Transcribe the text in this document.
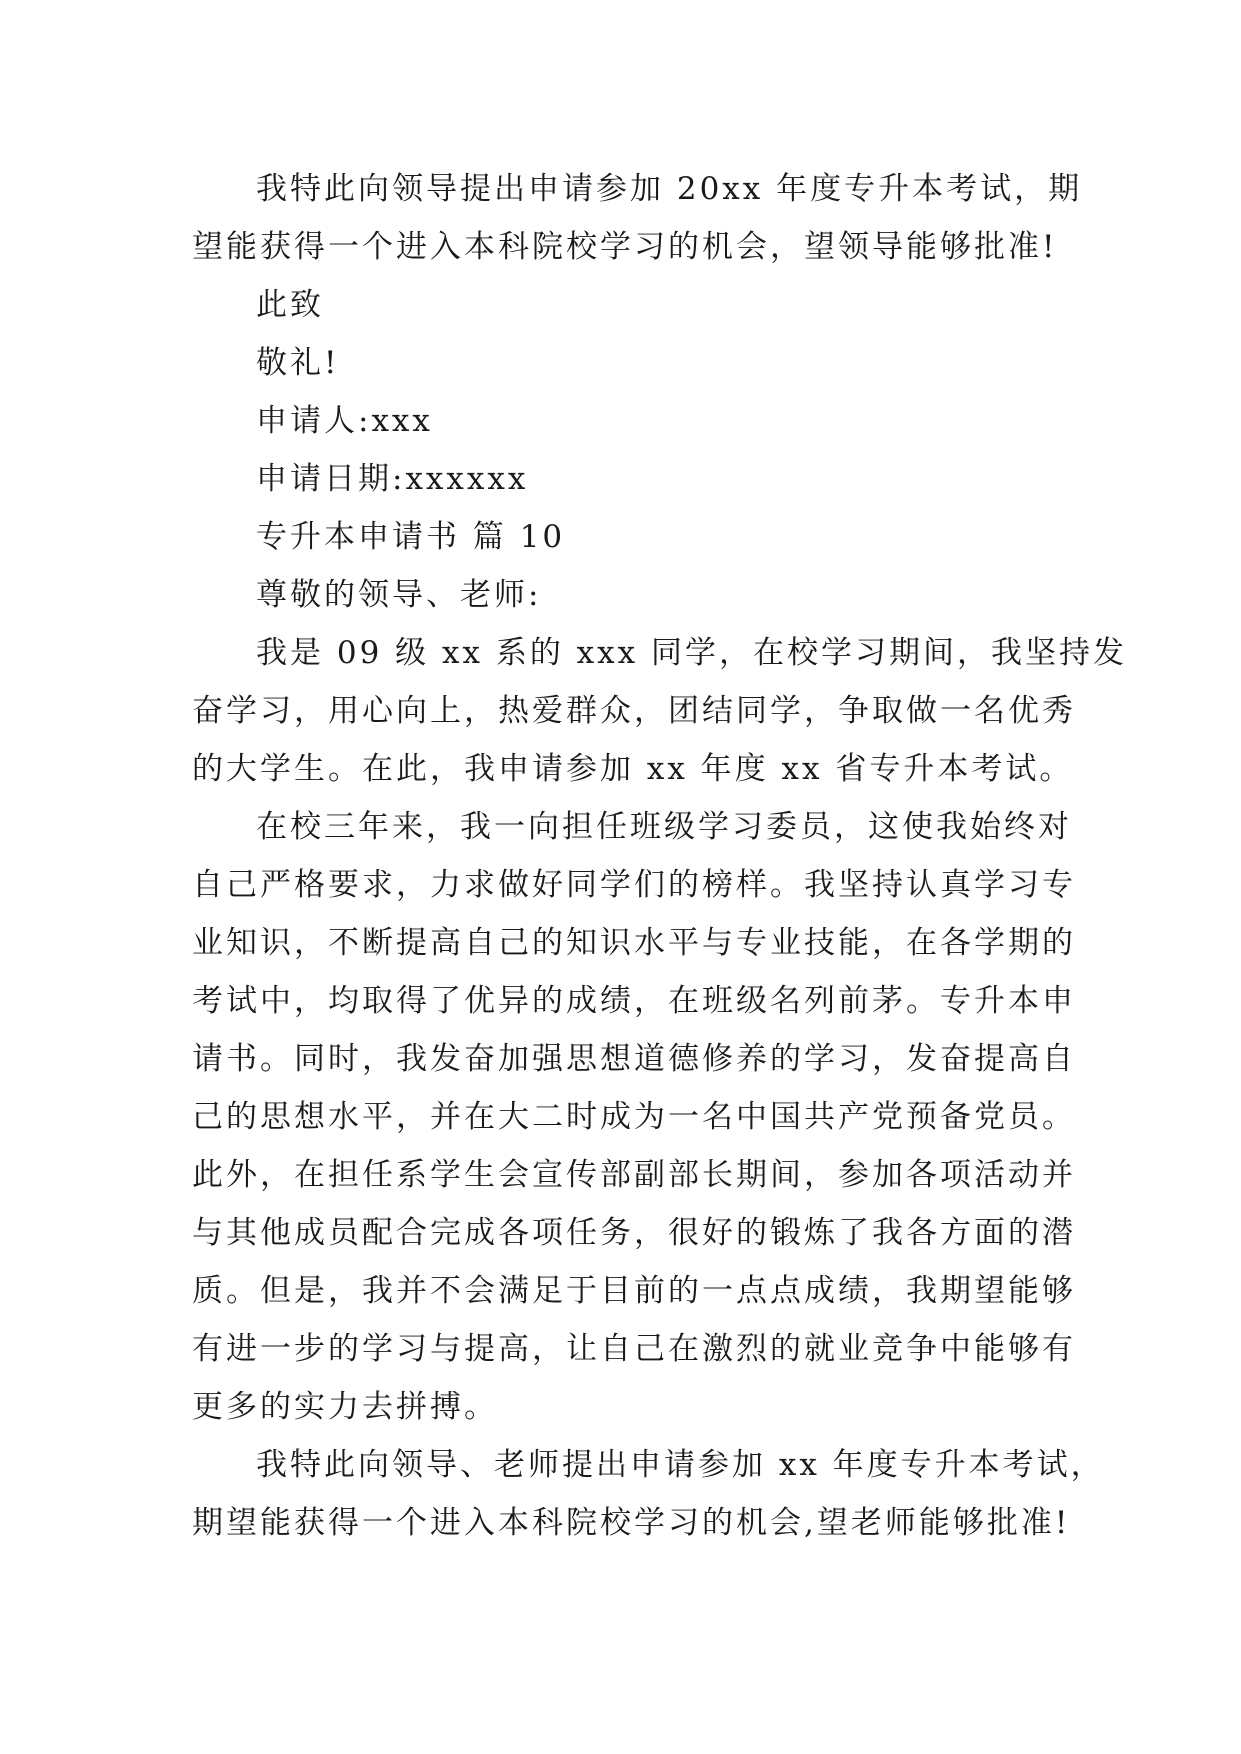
我特此向领导提出申请参加 20xx 年度专升本考试，期
望能获得一个进入本科院校学习的机会，望领导能够批准!
此致
敬礼!
申请人:xxx
申请日期:xxxxxx
专升本申请书 篇 10
尊敬的领导、老师:
我是 09 级 xx 系的 xxx 同学，在校学习期间，我坚持发
奋学习，用心向上，热爱群众，团结同学，争取做一名优秀
的大学生。在此，我申请参加 xx 年度 xx 省专升本考试。
在校三年来，我一向担任班级学习委员，这使我始终对
自己严格要求，力求做好同学们的榜样。我坚持认真学习专
业知识，不断提高自己的知识水平与专业技能，在各学期的
考试中，均取得了优异的成绩，在班级名列前茅。专升本申
请书。同时，我发奋加强思想道德修养的学习，发奋提高自
己的思想水平，并在大二时成为一名中国共产党预备党员。
此外，在担任系学生会宣传部副部长期间，参加各项活动并
与其他成员配合完成各项任务，很好的锻炼了我各方面的潜
质。但是，我并不会满足于目前的一点点成绩，我期望能够
有进一步的学习与提高，让自己在激烈的就业竞争中能够有
更多的实力去拼搏。
我特此向领导、老师提出申请参加 xx 年度专升本考试，
期望能获得一个进入本科院校学习的机会,望老师能够批准!
